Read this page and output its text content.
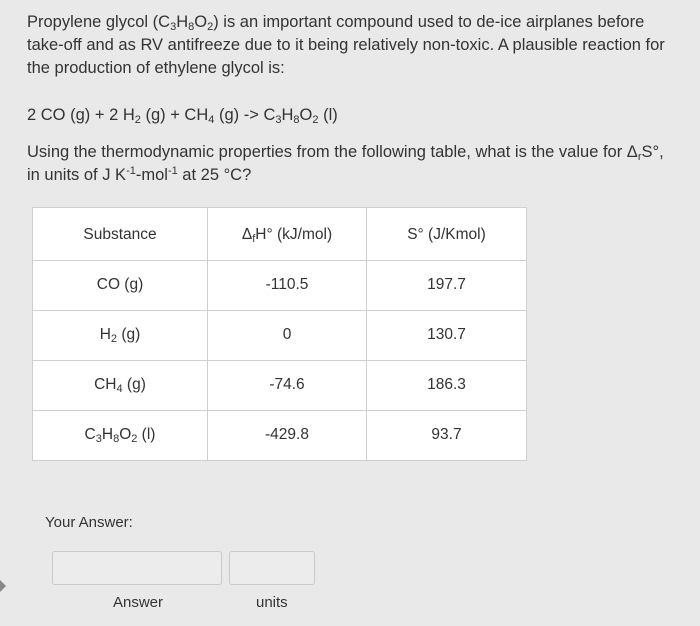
Propylene glycol $(C_3H_8O_2)$ is an important compound used to de-ice airplanes before take-off and as RV antifreeze due to it being relatively non-toxic. A plausible reaction for the production of ethylene glycol is:
2 CO (g) + 2 $H_2$ $(g) + CH_4$ $(g) -> C_3H_8O_2$ (l)
Using the thermodynamic properties from the following table, what is the value for $\Delta_rS^\circ$, in units of J $K^{-1}-mol^{-1}$ at 25 °C?
Substance	$\Delta_fH^\circ$ (kJ/mol)	S° (J/Kmol)
CO (g)	-110.5	197.7
$H_2$ (g)	0	130.7
$CH_4$ (g)	-74.6	186.3
$C_3H_8O_2$ (l)	-429.8	93.7
Your Answer:
Answer	units
